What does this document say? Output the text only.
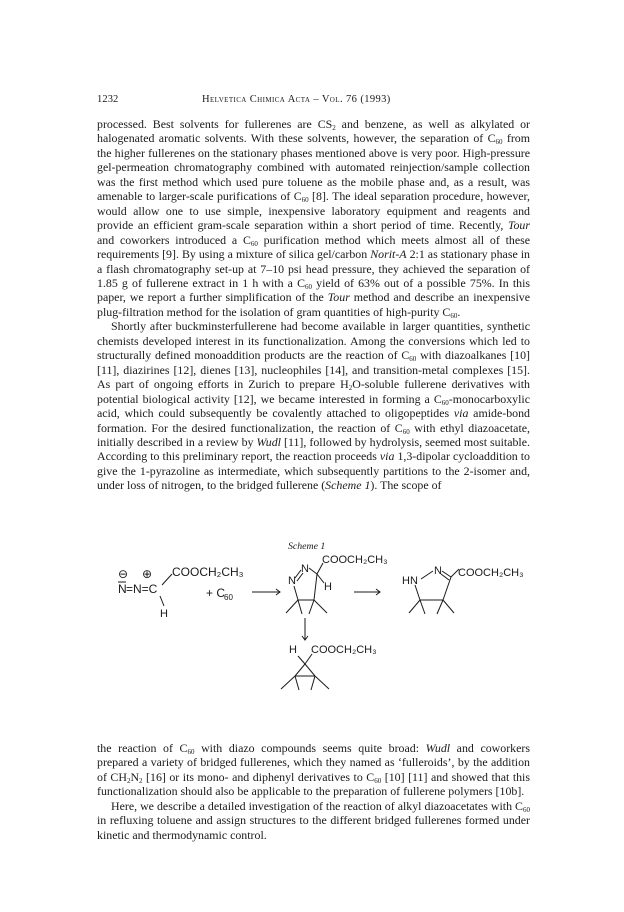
1232	Helvetica Chimica Acta – Vol. 76 (1993)

processed. Best solvents for fullerenes are $CS_2$ and benzene, as well as alkylated or halogenated aromatic solvents. With these solvents, however, the separation of $C_{60}$ from the higher fullerenes on the stationary phases mentioned above is very poor. High-pressure gel-permeation chromatography combined with automated reinjection/sample collection was the first method which used pure toluene as the mobile phase and, as a result, was amenable to larger-scale purifications of $C_{60}$ [8]. The ideal separation procedure, however, would allow one to use simple, inexpensive laboratory equipment and reagents and provide an efficient gram-scale separation within a short period of time. Recently, Tour and coworkers introduced a $C_{60}$ purification method which meets almost all of these requirements [9]. By using a mixture of silica gel/carbon Norit-A 2:1 as stationary phase in a flash chromatography set-up at 7–10 psi head pressure, they achieved the separation of 1.85 g of fullerene extract in 1 h with a $C_{60}$ yield of 63% out of a possible 75%. In this paper, we report a further simplification of the Tour method and describe an inexpensive plug-filtration method for the isolation of gram quantities of high-purity $C_{60}$.

Shortly after buckminsterfullerene had become available in larger quantities, synthetic chemists developed interest in its functionalization. Among the conversions which led to structurally defined monoaddition products are the reaction of $C_{60}$ with diazoalkanes [10] [11], diazirines [12], dienes [13], nucleophiles [14], and transition-metal complexes [15]. As part of ongoing efforts in Zurich to prepare $H_2O$-soluble fullerene derivatives with potential biological activity [12], we became interested in forming a $C_{60}$-monocarboxylic acid, which could subsequently be covalently attached to oligopeptides via amide-bond formation. For the desired functionalization, the reaction of $C_{60}$ with ethyl diazoacetate, initially described in a review by Wudl [11], followed by hydrolysis, seemed most suitable. According to this preliminary report, the reaction proceeds via 1,3-dipolar cycloaddition to give the 1-pyrazoline as intermediate, which subsequently partitions to the 2-isomer and, under loss of nitrogen, to the bridged fullerene (Scheme 1). The scope of

Scheme 1
⊖ ⊕
N =N=C
COOCH₂CH₃
H
+ C
60
N
N
COOCH₂CH₃
H	HN
N COOCH₂CH₃
H COOCH₂CH₃

the reaction of $C_{60}$ with diazo compounds seems quite broad: Wudl and coworkers prepared a variety of bridged fullerenes, which they named as ‘fulleroids’, by the addition of $CH_2N_2$ [16] or its mono- and diphenyl derivatives to $C_{60}$ [10] [11] and showed that this functionalization should also be applicable to the preparation of fullerene polymers [10b].

Here, we describe a detailed investigation of the reaction of alkyl diazoacetates with $C_{60}$ in refluxing toluene and assign structures to the different bridged fullerenes formed under kinetic and thermodynamic control.
